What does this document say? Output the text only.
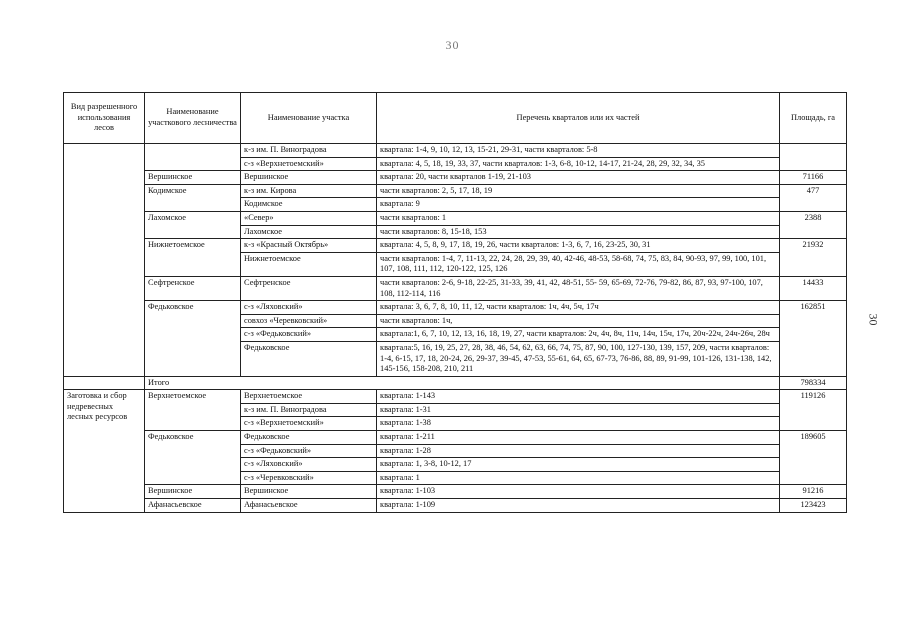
30
30
Вид разрешенного использования лесов	Наименование участкового лесничества	Наименование участка	Перечень кварталов или их частей	Площадь, га
		к-з им. П. Виноградова	квартала: 1-4, 9, 10, 12, 13, 15-21, 29-31, части кварталов: 5-8	
		с-з «Верхнетоемский»	квартала: 4, 5, 18, 19, 33, 37, части кварталов: 1-3, 6-8, 10-12, 14-17, 21-24, 28, 29, 32, 34, 35	
	Вершинское	Вершинское	квартала: 20, части кварталов 1-19, 21-103	71166
	Кодимское	к-з им. Кирова	части кварталов: 2, 5, 17, 18, 19	477
		Кодимское	квартала: 9	
	Лахомское	«Север»	части кварталов: 1	2388
		Лахомское	части кварталов: 8, 15-18, 153	
	Нижнетоемское	к-з «Красный Октябрь»	квартала: 4, 5, 8, 9, 17, 18, 19, 26, части кварталов: 1-3, 6, 7, 16, 23-25, 30, 31	21932
		Нижнетоемское	части кварталов: 1-4, 7, 11-13, 22, 24, 28, 29, 39, 40, 42-46, 48-53, 58-68, 74, 75, 83, 84, 90-93, 97, 99, 100, 101, 107, 108, 111, 112, 120-122, 125, 126	
	Сефтренское	Сефтренское	части кварталов: 2-6, 9-18, 22-25, 31-33, 39, 41, 42, 48-51, 55- 59, 65-69, 72-76, 79-82, 86, 87, 93, 97-100, 107, 108, 112-114, 116	14433
	Федьковское	с-з «Ляховский»	квартала: 3, 6, 7, 8, 10, 11, 12, части кварталов: 1ч, 4ч, 5ч, 17ч	162851
		совхоз «Черевковский»	части кварталов: 1ч,	
		с-з «Федьковский»	квартала:1, 6, 7, 10, 12, 13, 16, 18, 19, 27, части кварталов: 2ч, 4ч, 8ч, 11ч, 14ч, 15ч, 17ч, 20ч-22ч, 24ч-26ч, 28ч	
		Федьковское	квартала:5, 16, 19, 25, 27, 28, 38, 46, 54, 62, 63, 66, 74, 75, 87, 90, 100, 127-130, 139, 157, 209, части кварталов: 1-4, 6-15, 17, 18, 20-24, 26, 29-37, 39-45, 47-53, 55-61, 64, 65, 67-73, 76-86, 88, 89, 91-99, 101-126, 131-138, 142, 145-156, 158-208, 210, 211	
	Итого			798334
Заготовка и сбор недревесных лесных ресурсов	Верхнетоемское	Верхнетоемское	квартала: 1-143	119126
		к-з им. П. Виноградова	квартала: 1-31	
		с-з «Верхнетоемский»	квартала: 1-38	
	Федьковское	Федьковское	квартала: 1-211	189605
		с-з «Федьковский»	квартала: 1-28	
		с-з «Ляховский»	квартала: 1, 3-8, 10-12, 17	
		с-з «Черевковский»	квартала: 1	
	Вершинское	Вершинское	квартала: 1-103	91216
	Афанасьевское	Афанасьевское	квартала: 1-109	123423
